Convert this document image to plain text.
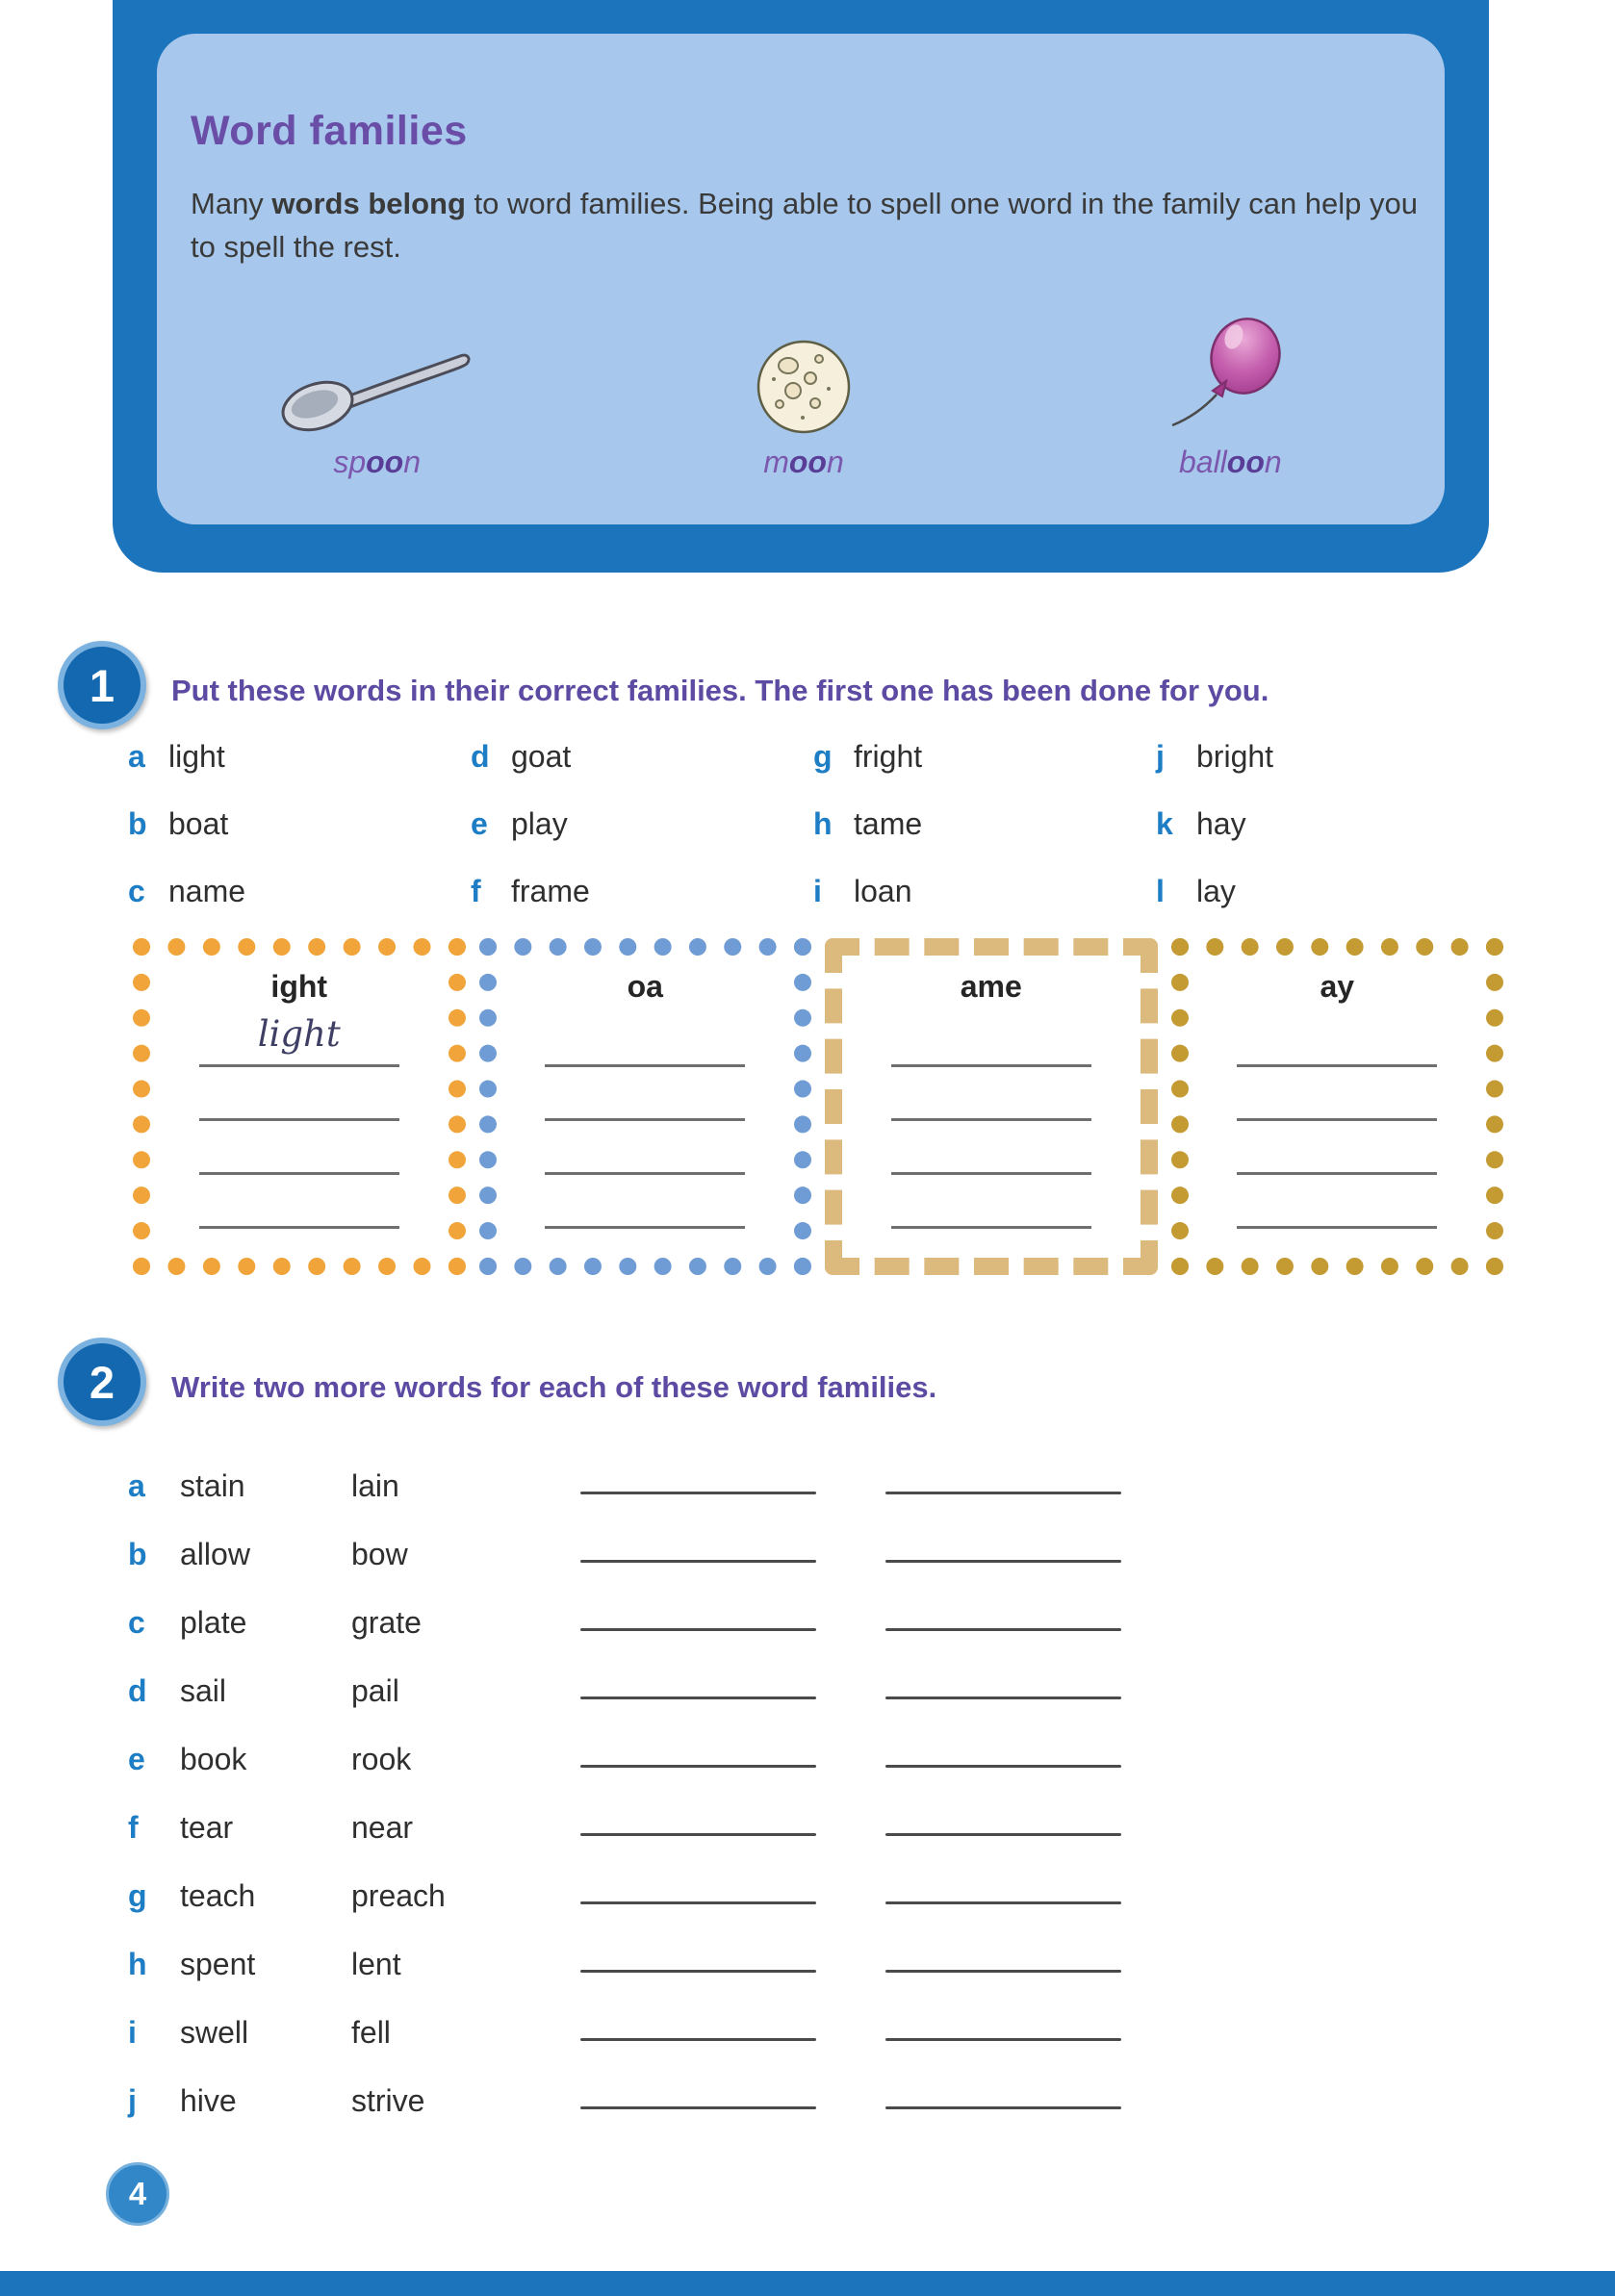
Word families

Many words belong to word families. Being able to spell one word in the family can help you to spell the rest.

spoon	moon	balloon
1 Put these words in their correct families. The first one has been done for you.

a light
b boat
c name
d goat
e play
f frame
g fright
h tame
i	loan
j	bright
k hay
l	lay
ight
light
oa	ame	ay
2 Write two more words for each of these word families.

a	stain	lain
b	allow	bow
c	plate	grate
d	sail	pail
e	book	rook
f	tear	near
g	teach	preach
h	spent	lent
i	swell	fell
j	hive	strive
4
